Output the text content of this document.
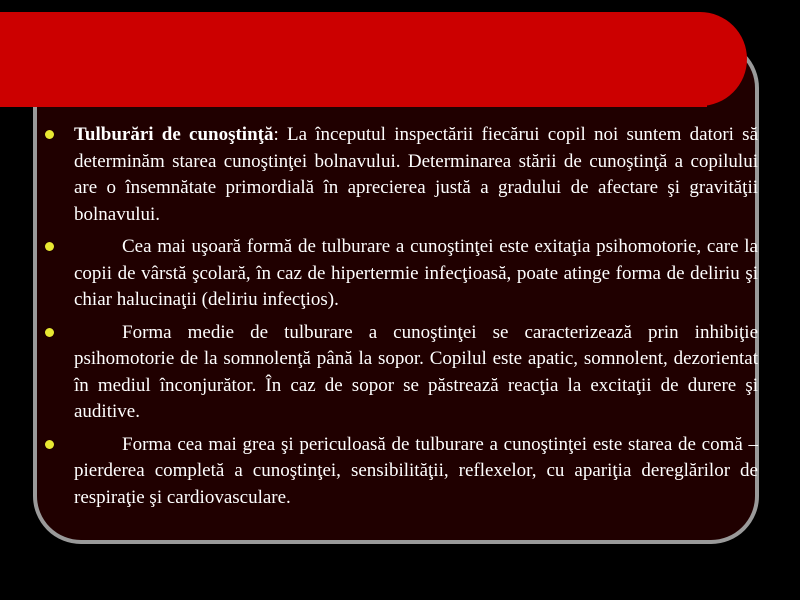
Tulburări de cunoştinţă: La începutul inspectării fiecărui copil noi suntem datori să determinăm starea cunoştinţei bolnavului. Determinarea stării de cunoştinţă a copilului are o însemnătate primordială în aprecierea justă a gradului de afectare şi gravităţii bolnavului.
Cea mai uşoară formă de tulburare a cunoştinţei este exitaţia psihomotorie, care la copii de vârstă şcolară, în caz de hipertermie infecţioasă, poate atinge forma de deliriu şi chiar halucinaţii (deliriu infecţios).
Forma medie de tulburare a cunoştinţei se caracterizează prin inhibiţie psihomotorie de la somnolenţă până la sopor. Copilul este apatic, somnolent, dezorientat în mediul înconjurător. În caz de sopor se păstrează reacţia la excitaţii de durere şi auditive.
Forma cea mai grea şi periculoasă de tulburare a cunoştinţei este starea de comă – pierderea completă a cunoştinţei, sensibilităţii, reflexelor, cu apariţia dereglărilor de respiraţie şi cardiovasculare.
